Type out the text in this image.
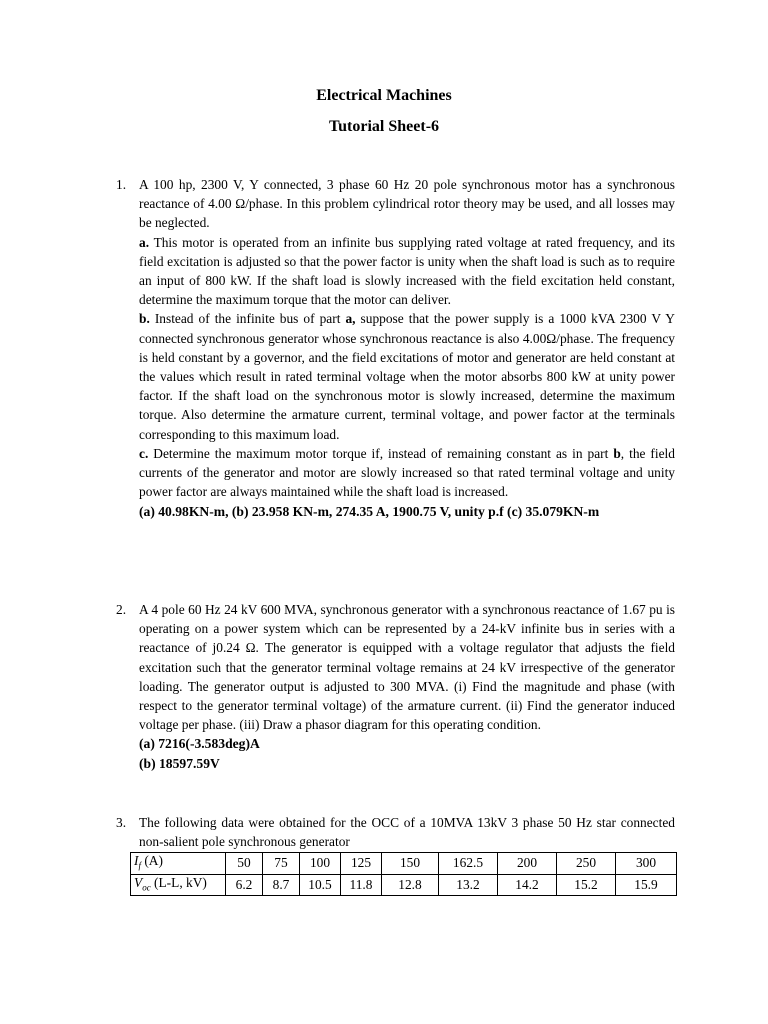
Electrical Machines
Tutorial Sheet-6
1. A 100 hp, 2300 V, Y connected, 3 phase 60 Hz 20 pole synchronous motor has a synchronous reactance of 4.00 Ω/phase. In this problem cylindrical rotor theory may be used, and all losses may be neglected.

a. This motor is operated from an infinite bus supplying rated voltage at rated frequency, and its field excitation is adjusted so that the power factor is unity when the shaft load is such as to require an input of 800 kW. If the shaft load is slowly increased with the field excitation held constant, determine the maximum torque that the motor can deliver.

b. Instead of the infinite bus of part a, suppose that the power supply is a 1000 kVA 2300 V Y connected synchronous generator whose synchronous reactance is also 4.00Ω/phase. The frequency is held constant by a governor, and the field excitations of motor and generator are held constant at the values which result in rated terminal voltage when the motor absorbs 800 kW at unity power factor. If the shaft load on the synchronous motor is slowly increased, determine the maximum torque. Also determine the armature current, terminal voltage, and power factor at the terminals corresponding to this maximum load.

c. Determine the maximum motor torque if, instead of remaining constant as in part b, the field currents of the generator and motor are slowly increased so that rated terminal voltage and unity power factor are always maintained while the shaft load is increased.

(a) 40.98KN-m, (b) 23.958 KN-m, 274.35 A, 1900.75 V, unity p.f (c) 35.079KN-m

2. A 4 pole 60 Hz 24 kV 600 MVA, synchronous generator with a synchronous reactance of 1.67 pu is operating on a power system which can be represented by a 24-kV infinite bus in series with a reactance of j0.24 Ω. The generator is equipped with a voltage regulator that adjusts the field excitation such that the generator terminal voltage remains at 24 kV irrespective of the generator loading. The generator output is adjusted to 300 MVA. (i) Find the magnitude and phase (with respect to the generator terminal voltage) of the armature current. (ii) Find the generator induced voltage per phase. (iii) Draw a phasor diagram for this operating condition.

(a) 7216(-3.583deg)A

(b) 18597.59V

3. The following data were obtained for the OCC of a 10MVA 13kV 3 phase 50 Hz star connected non-salient pole synchronous generator

$I_f$ (A)	50	75	100	125	150	162.5	200	250	300
$V_{oc}$ (L-L, kV)	6.2	8.7	10.5	11.8	12.8	13.2	14.2	15.2	15.9
